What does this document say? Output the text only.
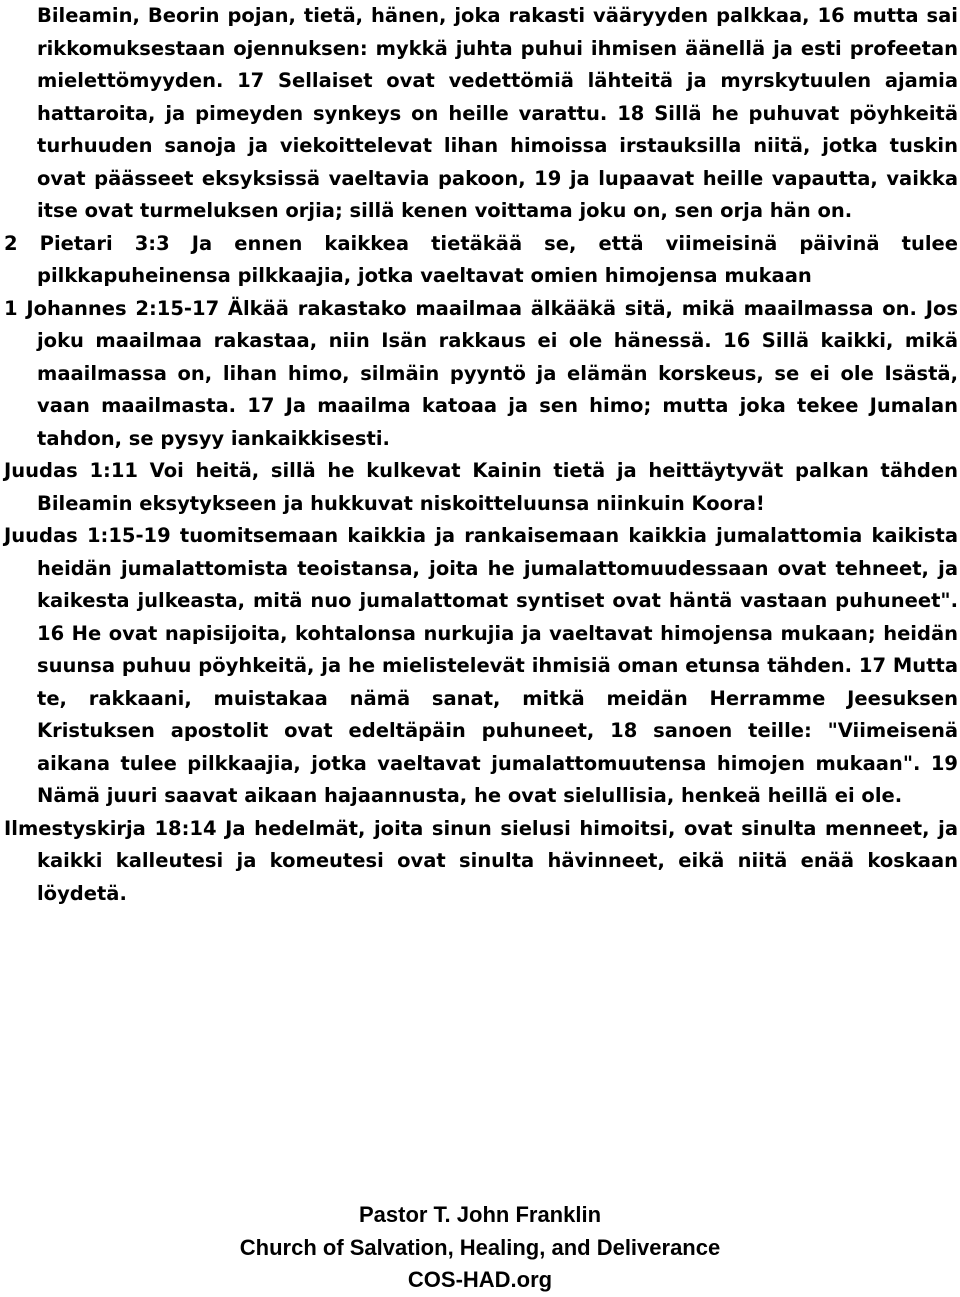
Bileamin, Beorin pojan, tietä, hänen, joka rakasti vääryyden palkkaa, 16 mutta sai rikkomuksestaan ojennuksen: mykkä juhta puhui ihmisen äänellä ja esti profeetan mielettömyyden. 17 Sellaiset ovat vedettömiä lähteitä ja myrskytuulen ajamia hattaroita, ja pimeyden synkeys on heille varattu. 18 Sillä he puhuvat pöyhkeitä turhuuden sanoja ja viekoittelevat lihan himoissa irstauksilla niitä, jotka tuskin ovat päässeet eksyksissä vaeltavia pakoon, 19 ja lupaavat heille vapautta, vaikka itse ovat turmeluksen orjia; sillä kenen voittama joku on, sen orja hän on.

2 Pietari 3:3 Ja ennen kaikkea tietäkää se, että viimeisinä päivinä tulee pilkkapuheinensa pilkkaajia, jotka vaeltavat omien himojensa mukaan

1 Johannes 2:15-17 Älkää rakastako maailmaa älkääkä sitä, mikä maailmassa on. Jos joku maailmaa rakastaa, niin Isän rakkaus ei ole hänessä. 16 Sillä kaikki, mikä maailmassa on, lihan himo, silmäin pyyntö ja elämän korskeus, se ei ole Isästä, vaan maailmasta. 17 Ja maailma katoaa ja sen himo; mutta joka tekee Jumalan tahdon, se pysyy iankaikkisesti.

Juudas 1:11 Voi heitä, sillä he kulkevat Kainin tietä ja heittäytyvät palkan tähden Bileamin eksytykseen ja hukkuvat niskoitteluunsa niinkuin Koora!

Juudas 1:15-19 tuomitsemaan kaikkia ja rankaisemaan kaikkia jumalattomia kaikista heidän jumalattomista teoistansa, joita he jumalattomuudessaan ovat tehneet, ja kaikesta julkeasta, mitä nuo jumalattomat syntiset ovat häntä vastaan puhuneet". 16 He ovat napisijoita, kohtalonsa nurkujia ja vaeltavat himojensa mukaan; heidän suunsa puhuu pöyhkeitä, ja he mielistelevät ihmisiä oman etunsa tähden. 17 Mutta te, rakkaani, muistakaa nämä sanat, mitkä meidän Herramme Jeesuksen Kristuksen apostolit ovat edeltäpäin puhuneet, 18 sanoen teille: "Viimeisenä aikana tulee pilkkaajia, jotka vaeltavat jumalattomuutensa himojen mukaan". 19 Nämä juuri saavat aikaan hajaannusta, he ovat sielullisia, henkeä heillä ei ole.

Ilmestyskirja 18:14 Ja hedelmät, joita sinun sielusi himoitsi, ovat sinulta menneet, ja kaikki kalleutesi ja komeutesi ovat sinulta hävinneet, eikä niitä enää koskaan löydetä.

Pastor T. John Franklin
Church of Salvation, Healing, and Deliverance
COS-HAD.org
